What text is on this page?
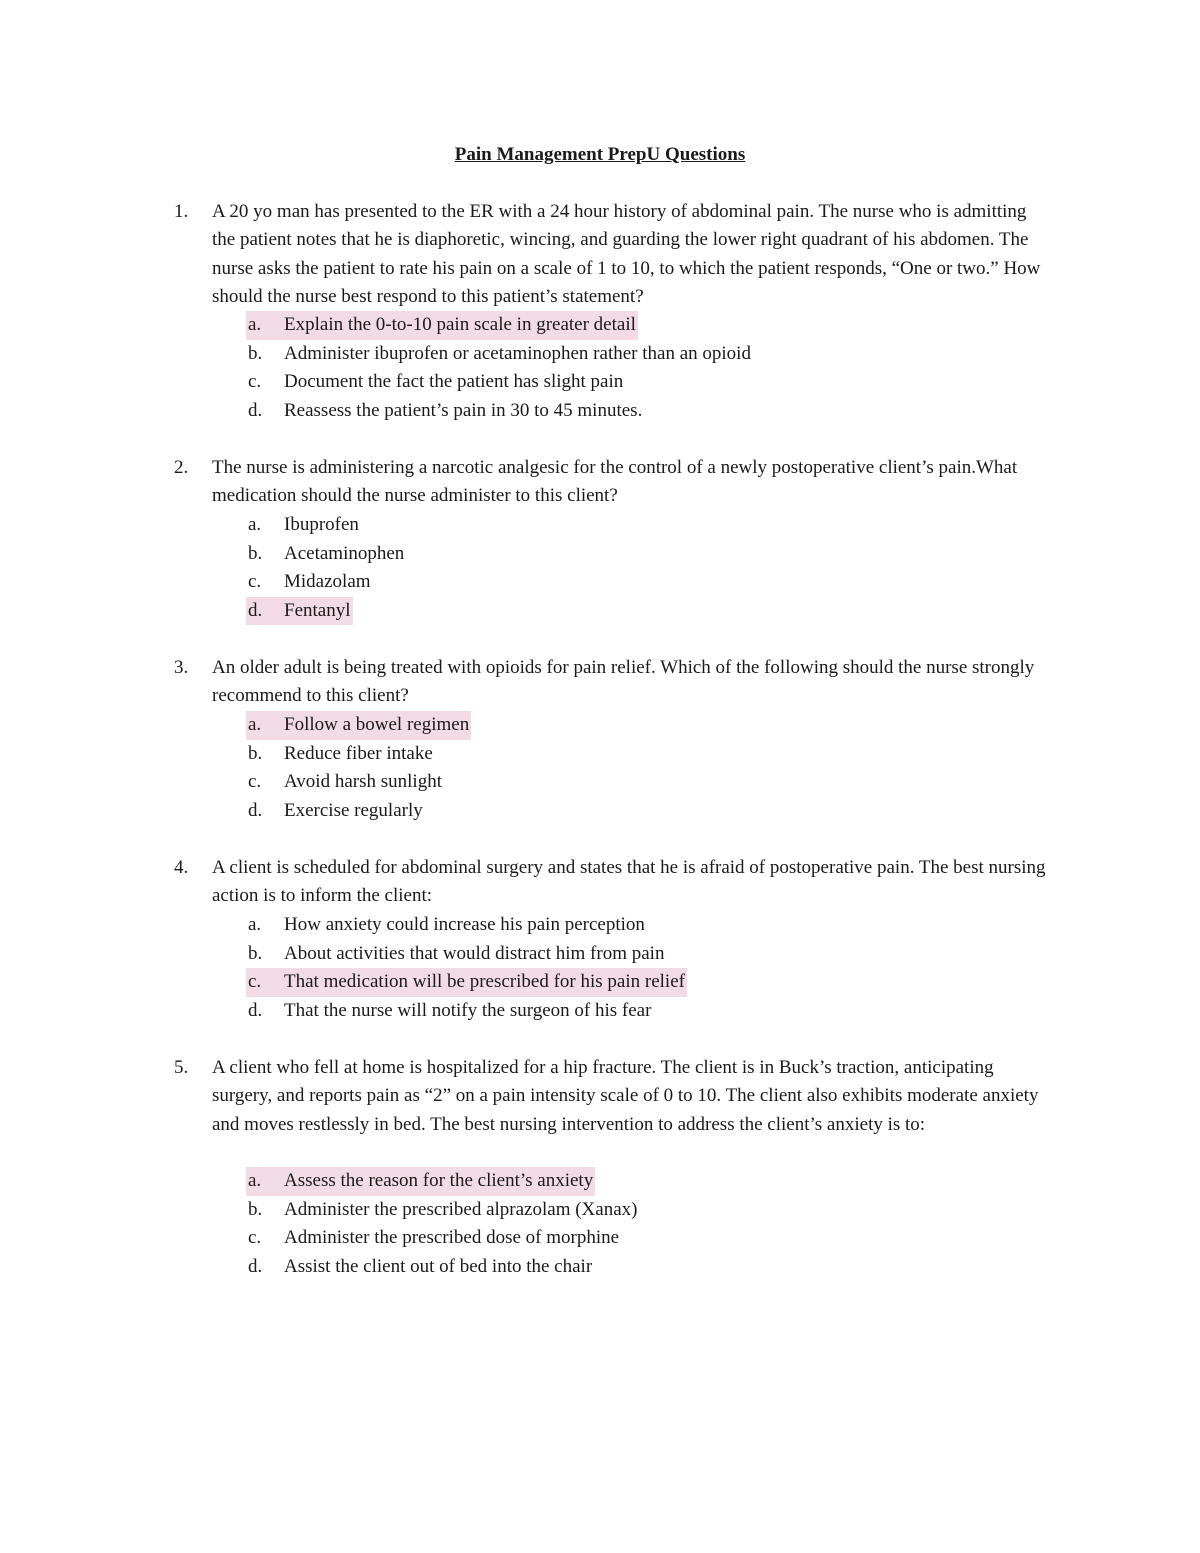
Pain Management PrepU Questions
1. A 20 yo man has presented to the ER with a 24 hour history of abdominal pain. The nurse who is admitting the patient notes that he is diaphoretic, wincing, and guarding the lower right quadrant of his abdomen. The nurse asks the patient to rate his pain on a scale of 1 to 10, to which the patient responds, “One or two.” How should the nurse best respond to this patient’s statement?
a. Explain the 0-to-10 pain scale in greater detail
b. Administer ibuprofen or acetaminophen rather than an opioid
c. Document the fact the patient has slight pain
d. Reassess the patient’s pain in 30 to 45 minutes.
2. The nurse is administering a narcotic analgesic for the control of a newly postoperative client’s pain.What medication should the nurse administer to this client?
a. Ibuprofen
b. Acetaminophen
c. Midazolam
d. Fentanyl
3. An older adult is being treated with opioids for pain relief. Which of the following should the nurse strongly recommend to this client?
a. Follow a bowel regimen
b. Reduce fiber intake
c. Avoid harsh sunlight
d. Exercise regularly
4. A client is scheduled for abdominal surgery and states that he is afraid of postoperative pain. The best nursing action is to inform the client:
a. How anxiety could increase his pain perception
b. About activities that would distract him from pain
c. That medication will be prescribed for his pain relief
d. That the nurse will notify the surgeon of his fear
5. A client who fell at home is hospitalized for a hip fracture. The client is in Buck’s traction, anticipating surgery, and reports pain as “2” on a pain intensity scale of 0 to 10. The client also exhibits moderate anxiety and moves restlessly in bed. The best nursing intervention to address the client’s anxiety is to:
a. Assess the reason for the client’s anxiety
b. Administer the prescribed alprazolam (Xanax)
c. Administer the prescribed dose of morphine
d. Assist the client out of bed into the chair
